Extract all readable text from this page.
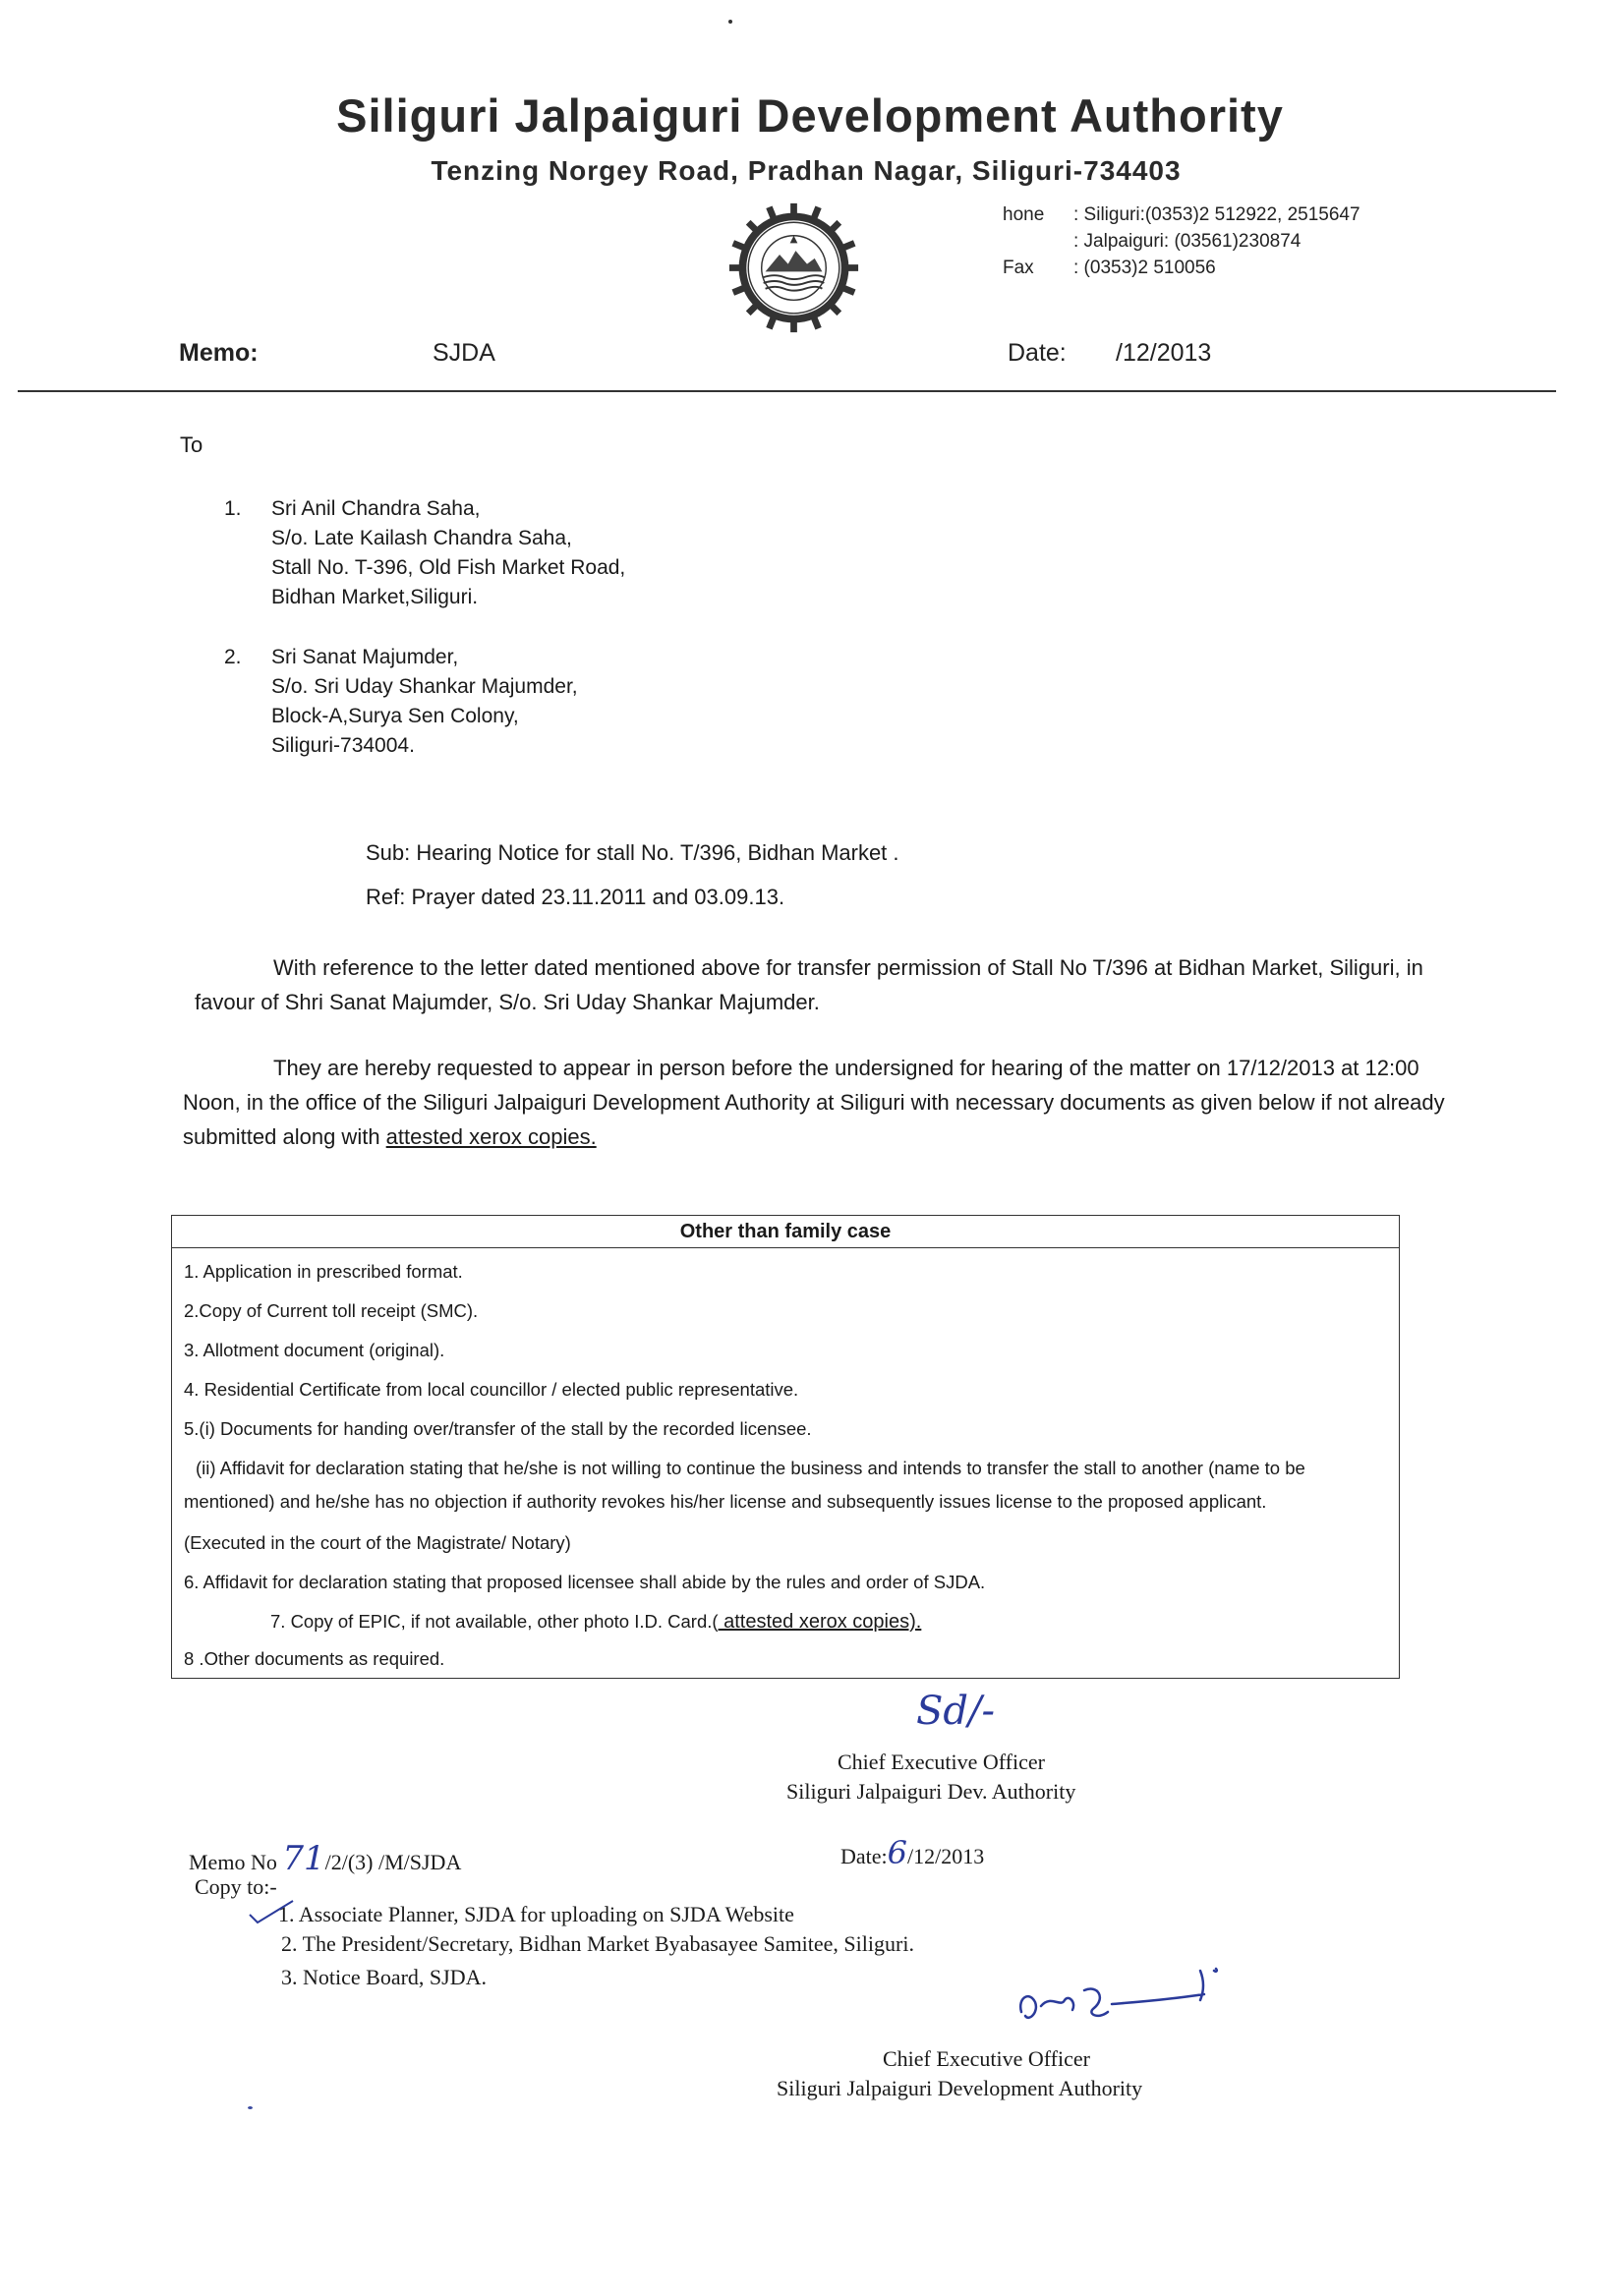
Siliguri Jalpaiguri Development Authority
Tenzing Norgey Road, Pradhan Nagar, Siliguri-734403
hone : Siliguri:(0353)2 512922, 2515647
: Jalpaiguri: (03561)230874
Fax : (0353)2 510056
Memo:	SJDA	Date: /12/2013
To
1.	Sri Anil Chandra Saha,
S/o. Late Kailash Chandra Saha,
Stall No. T-396, Old Fish Market Road,
Bidhan Market,Siliguri.
2.	Sri Sanat Majumder,
S/o. Sri Uday Shankar Majumder,
Block-A,Surya Sen Colony,
Siliguri-734004.
Sub: Hearing Notice for stall No. T/396, Bidhan Market .
Ref: Prayer dated 23.11.2011 and 03.09.13.
With reference to the letter dated mentioned above for transfer permission of Stall No T/396 at Bidhan Market, Siliguri, in
favour of Shri Sanat Majumder, S/o. Sri Uday Shankar Majumder.
They are hereby requested to appear in person before the undersigned for hearing of the matter on 17/12/2013 at 12:00
Noon, in the office of the Siliguri Jalpaiguri Development Authority at Siliguri with necessary documents as given below if not already
submitted along with attested xerox copies.
Other than family case
1. Application in prescribed format.
2.Copy of Current toll receipt (SMC).
3. Allotment document (original).
4. Residential Certificate from local councillor / elected public representative.
5.(i) Documents for handing over/transfer of the stall by the recorded licensee.
(ii) Affidavit for declaration stating that he/she is not willing to continue the business and intends to transfer the stall to another (name to be
mentioned) and he/she has no objection if authority revokes his/her license and subsequently issues license to the proposed applicant.
(Executed in the court of the Magistrate/ Notary)
6. Affidavit for declaration stating that proposed licensee shall abide by the rules and order of SJDA.
7. Copy of EPIC, if not available, other photo I.D. Card.( attested xerox copies).
8 .Other documents as required.
Sd/-
Chief Executive Officer
Siliguri Jalpaiguri Dev. Authority
Memo No 71/2/(3) /M/SJDA	Date:6/12/2013
Copy to:-
1. Associate Planner, SJDA for uploading on SJDA Website
2. The President/Secretary, Bidhan Market Byabasayee Samitee, Siliguri.
3. Notice Board, SJDA.
Chief Executive Officer
Siliguri Jalpaiguri Development Authority
